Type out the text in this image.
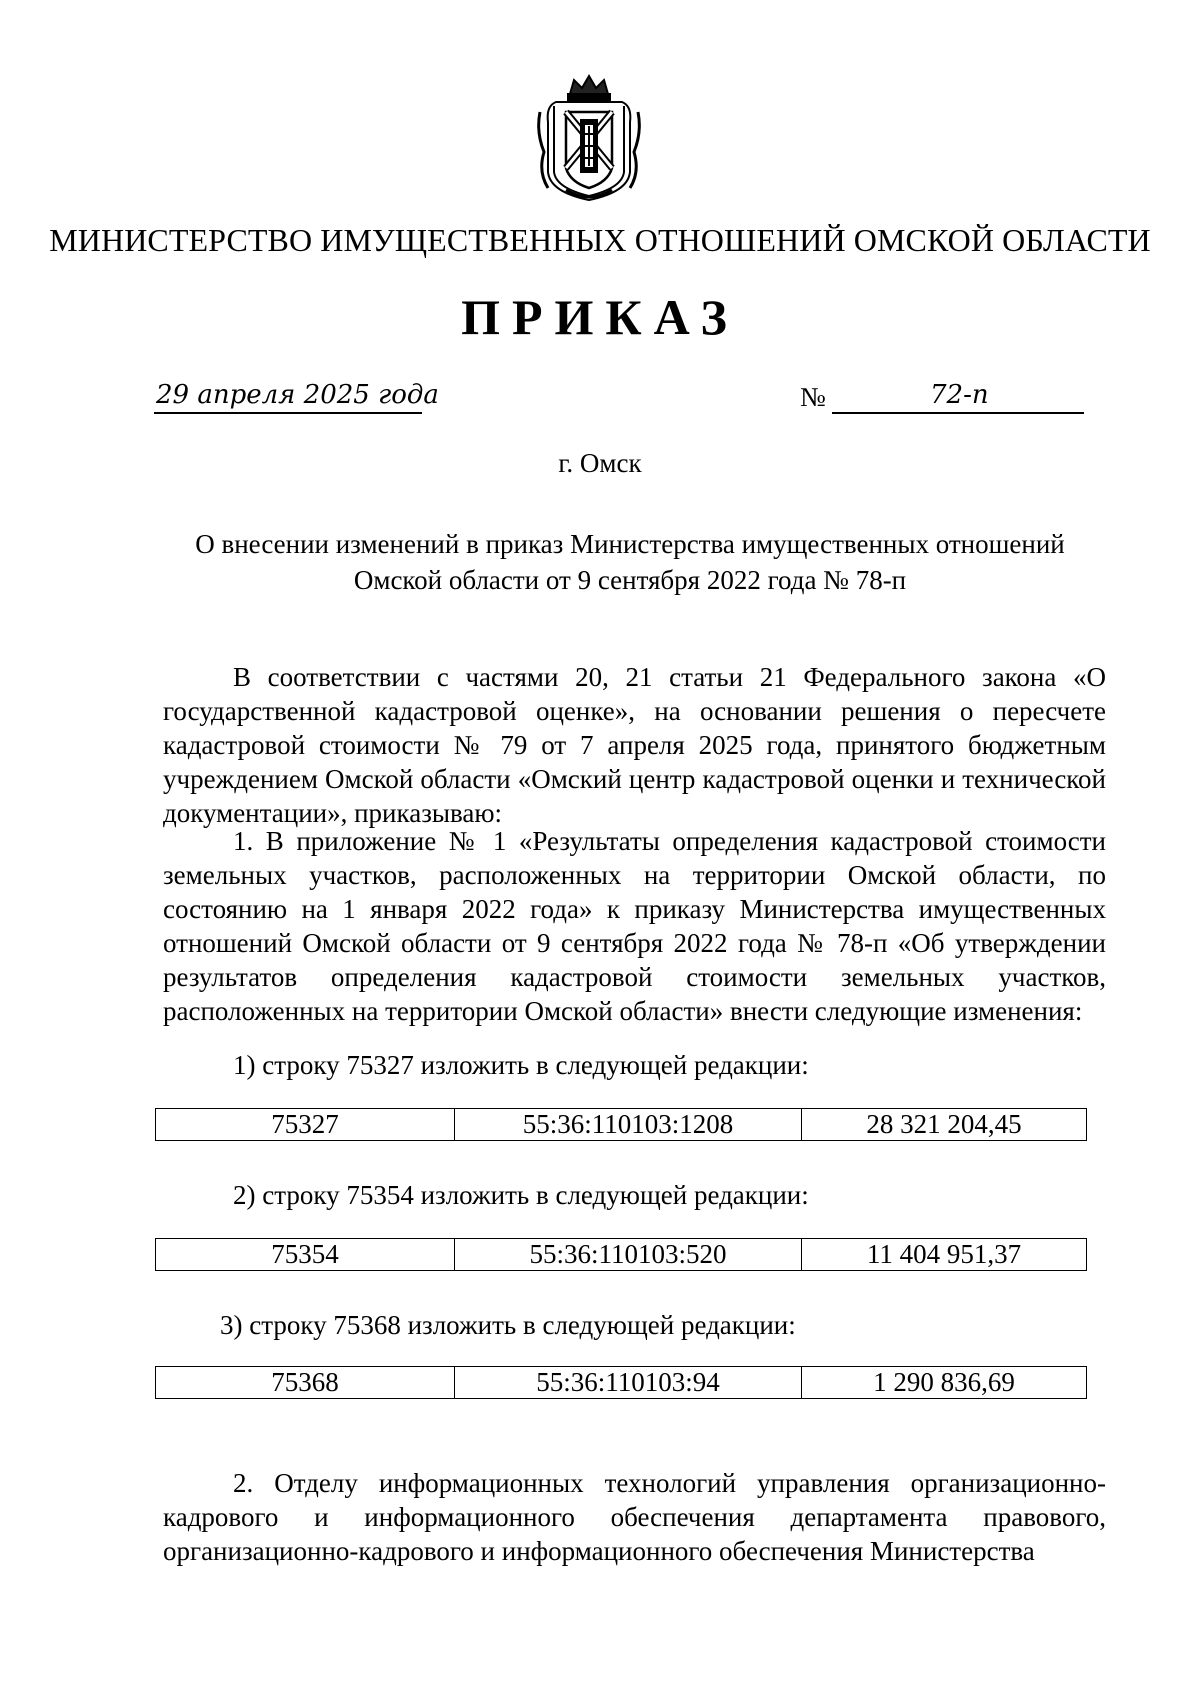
МИНИСТЕРСТВО ИМУЩЕСТВЕННЫХ ОТНОШЕНИЙ ОМСКОЙ ОБЛАСТИ
ПРИКАЗ
29 апреля 2025 года	№	72-п
г. Омск
О внесении изменений в приказ Министерства имущественных отношений Омской области от 9 сентября 2022 года № 78-п

В соответствии с частями 20, 21 статьи 21 Федерального закона «О государственной кадастровой оценке», на основании решения о пересчете кадастровой стоимости № 79 от 7 апреля 2025 года, принятого бюджетным учреждением Омской области «Омский центр кадастровой оценки и технической документации», приказываю:

1. В приложение № 1 «Результаты определения кадастровой стоимости земельных участков, расположенных на территории Омской области, по состоянию на 1 января 2022 года» к приказу Министерства имущественных отношений Омской области от 9 сентября 2022 года № 78-п «Об утверждении результатов определения кадастровой стоимости земельных участков, расположенных на территории Омской области» внести следующие изменения:

1) строку 75327 изложить в следующей редакции:
75327	55:36:110103:1208	28 321 204,45
2) строку 75354 изложить в следующей редакции:
75354	55:36:110103:520	11 404 951,37
3) строку 75368 изложить в следующей редакции:
75368	55:36:110103:94	1 290 836,69

2. Отделу информационных технологий управления организационно-кадрового и информационного обеспечения департамента правового, организационно-кадрового и информационного обеспечения Министерства
